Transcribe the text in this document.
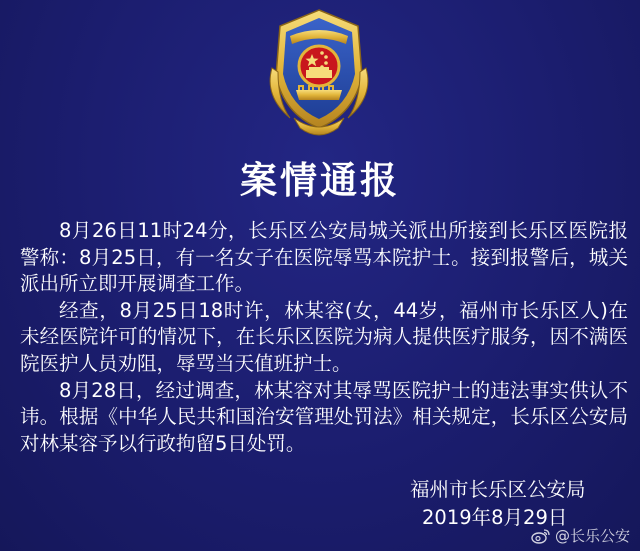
案情通报

8月26日11时24分，长乐区公安局城关派出所接到长乐区医院报警称：8月25日，有一名女子在医院辱骂本院护士。接到报警后，城关派出所立即开展调查工作。

经查，8月25日18时许，林某容(女，44岁，福州市长乐区人)在未经医院许可的情况下，在长乐区医院为病人提供医疗服务，因不满医院医护人员劝阻，辱骂当天值班护士。

8月28日，经过调查，林某容对其辱骂医院护士的违法事实供认不讳。根据《中华人民共和国治安管理处罚法》相关规定，长乐区公安局对林某容予以行政拘留5日处罚。

福州市长乐区公安局
2019年8月29日
@长乐公安
